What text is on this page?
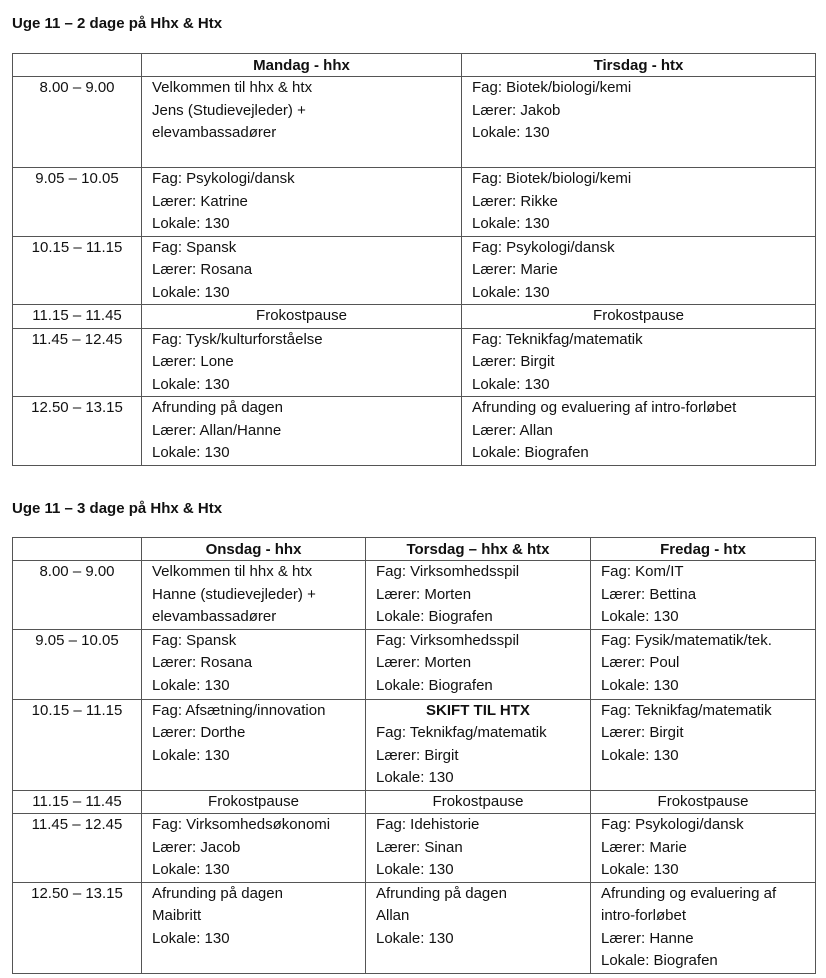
Uge 11 – 2 dage på Hhx & Htx
	Mandag - hhx	Tirsdag - htx
8.00 – 9.00	Velkommen til hhx & htx
Jens (Studievejleder) +
elevambassadører	Fag: Biotek/biologi/kemi
Lærer: Jakob
Lokale: 130

9.05 – 10.05	Fag: Psykologi/dansk
Lærer: Katrine
Lokale: 130	Fag: Biotek/biologi/kemi
Lærer: Rikke
Lokale: 130

10.15 – 11.15	Fag: Spansk
Lærer: Rosana
Lokale: 130	Fag: Psykologi/dansk
Lærer: Marie
Lokale: 130

11.15 – 11.45	Frokostpause	Frokostpause
11.45 – 12.45	Fag: Tysk/kulturforståelse
Lærer: Lone
Lokale: 130	Fag: Teknikfag/matematik
Lærer: Birgit
Lokale: 130

12.50 – 13.15	Afrunding på dagen
Lærer: Allan/Hanne
Lokale: 130	Afrunding og evaluering af intro-forløbet
Lærer: Allan
Lokale: Biografen
Uge 11 – 3 dage på Hhx & Htx
	Onsdag - hhx	Torsdag – hhx & htx	Fredag - htx
8.00 – 9.00	Velkommen til hhx & htx
Hanne (studievejleder) +
elevambassadører	Fag: Virksomhedsspil
Lærer: Morten
Lokale: Biografen	Fag: Kom/IT
Lærer: Bettina
Lokale: 130

9.05 – 10.05	Fag: Spansk
Lærer: Rosana
Lokale: 130	Fag: Virksomhedsspil
Lærer: Morten
Lokale: Biografen	Fag: Fysik/matematik/tek.
Lærer: Poul
Lokale: 130

10.15 – 11.15	Fag: Afsætning/innovation
Lærer: Dorthe
Lokale: 130	SKIFT TIL HTX
Fag: Teknikfag/matematik
Lærer: Birgit
Lokale: 130	Fag: Teknikfag/matematik
Lærer: Birgit
Lokale: 130

11.15 – 11.45	Frokostpause	Frokostpause	Frokostpause
11.45 – 12.45	Fag: Virksomhedsøkonomi
Lærer: Jacob
Lokale: 130	Fag: Idehistorie
Lærer: Sinan
Lokale: 130	Fag: Psykologi/dansk
Lærer: Marie
Lokale: 130

12.50 – 13.15	Afrunding på dagen
Maibritt
Lokale: 130	Afrunding på dagen
Allan
Lokale: 130	Afrunding og evaluering af
intro-forløbet
Lærer: Hanne
Lokale: Biografen
